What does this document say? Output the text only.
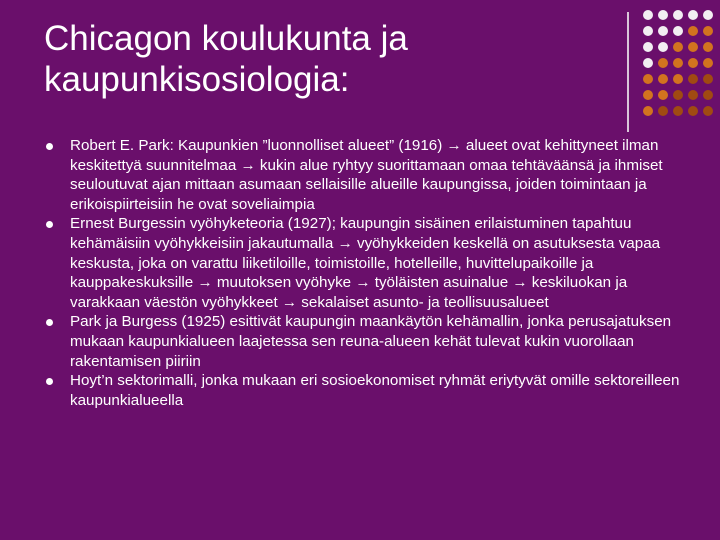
Chicagon koulukunta ja
kaupunkisosiologia:
Robert E. Park: Kaupunkien ”luonnolliset alueet” (1916) → alueet ovat kehittyneet ilman keskitettyä suunnitelmaa → kukin alue ryhtyy suorittamaan omaa tehtäväänsä ja ihmiset seuloutuvat ajan mittaan asumaan sellaisille alueille kaupungissa, joiden toimintaan ja erikoispiirteisiin he ovat soveliaimpia
Ernest Burgessin vyöhyketeoria (1927); kaupungin sisäinen erilaistuminen tapahtuu kehämäisiin vyöhykkeisiin jakautumalla → vyöhykkeiden keskellä on asutuksesta vapaa keskusta, joka on varattu liiketiloille, toimistoille, hotelleille, huvittelupaikoille ja kauppakeskuksille → muutoksen vyöhyke → työläisten asuinalue → keskiluokan ja varakkaan väestön vyöhykkeet → sekalaiset asunto- ja teollisuusalueet
Park ja Burgess (1925) esittivät kaupungin maankäytön kehämallin, jonka perusajatuksen mukaan kaupunkialueen laajetessa sen reuna-alueen kehät tulevat kukin vuorollaan rakentamisen piiriin
Hoyt’n sektorimalli, jonka mukaan eri sosioekonomiset ryhmät eriytyvät omille sektoreilleen kaupunkialueella
